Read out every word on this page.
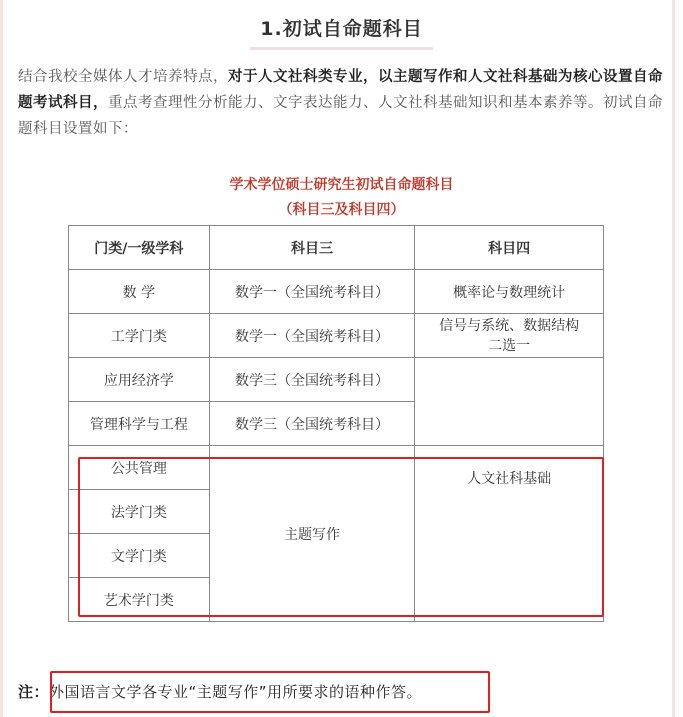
1.初试自命题科目

结合我校全媒体人才培养特点，对于人文社科类专业，以主题写作和人文社科基础为核心设置自命题考试科目，重点考查理性分析能力、文字表达能力、人文社科基础知识和基本素养等。初试自命题科目设置如下：

学术学位硕士研究生初试自命题科目
（科目三及科目四）
门类/一级学科	科目三	科目四
数 学	数学一（全国统考科目）	概率论与数理统计
工学门类	数学一（全国统考科目）	信号与系统、数据结构
二选一
应用经济学	数学三（全国统考科目）	
管理科学与工程	数学三（全国统考科目）	
公共管理	主题写作	人文社科基础
法学门类		
文学门类		
艺术学门类		

注：外国语言文学各专业“主题写作”用所要求的语种作答。
